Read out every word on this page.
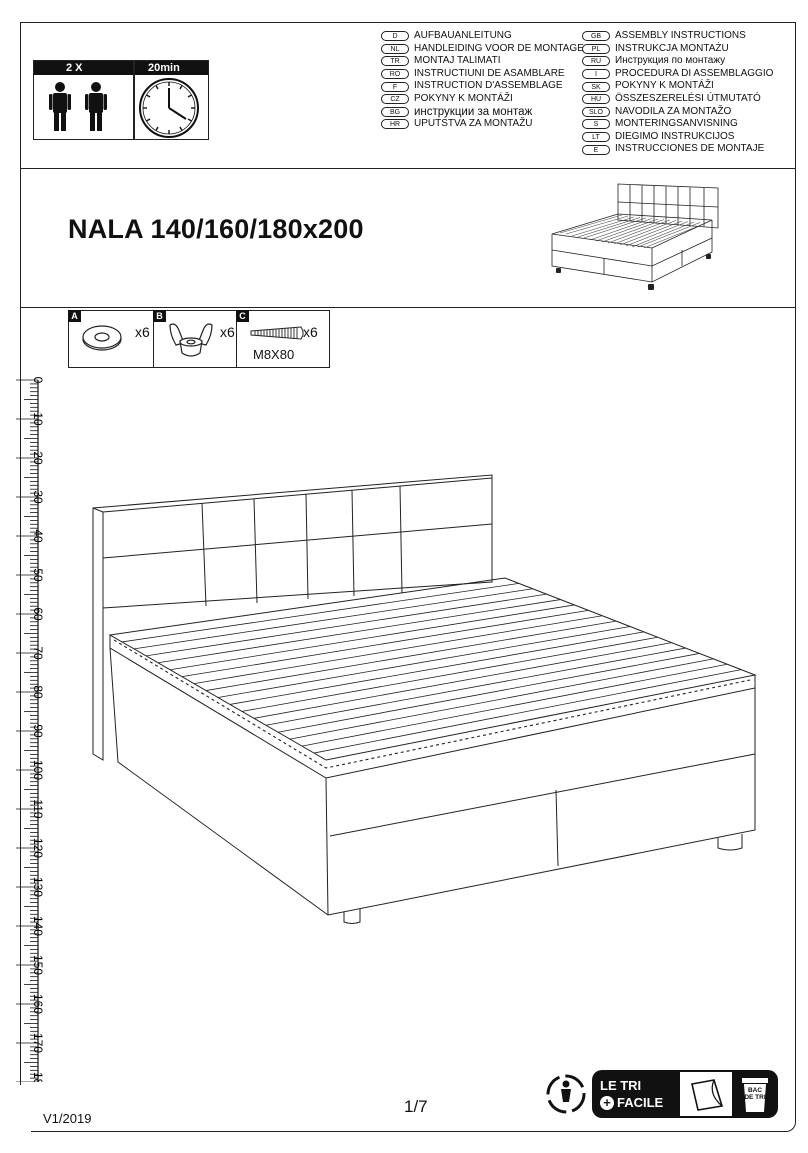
2 X	20min
D	AUFBAUANLEITUNG
NL	HANDLEIDING VOOR DE MONTAGE
TR	MONTAJ TALIMATI
RO	INSTRUCTIUNI DE ASAMBLARE
F	INSTRUCTION D'ASSEMBLAGE
CZ	POKYNY K MONTÁŽI
BG	инструкции за монтаж
HR	UPUTSTVA ZA MONTAŽU
GB	ASSEMBLY INSTRUCTIONS
PL	INSTRUKCJA MONTAŻU
RU	Инструкция по монтажу
I	PROCEDURA DI ASSEMBLAGGIO
SK	POKYNY K MONTÁŽI
HU	ÖSSZESZERELÉSI ÚTMUTATÓ
SLO	NAVODILA ZA MONTAŽO
S	MONTERINGSANVISNING
LT	DIEGIMO INSTRUKCIJOS
E	INSTRUCCIONES DE MONTAJE
NALA 140/160/180x200
A
x6
B
x6
C
x6
M8X80
0
10
20
30
40
50
60
70
80
90
100
110
120
130
140
150
160
170
180
V1/2019
1/7
LE TRI
+ FACILE
BAC DE TRI
